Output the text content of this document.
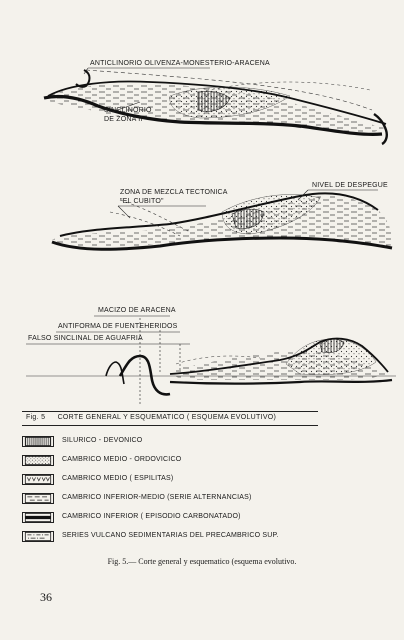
ANTICLINORIO OLIVENZA-MONESTERIO-ARACENA
SINCLINORIO
DE ZONA II
ZONA DE MEZCLA TECTONICA
"EL CUBITO"
NIVEL DE DESPEGUE
MACIZO DE ARACENA
ANTIFORMA DE FUENTEHERIDOS
FALSO SINCLINAL DE AGUAFRIA
Fig. 5 CORTE GENERAL Y ESQUEMATICO ( ESQUEMA EVOLUTIVO)
SILURICO - DEVONICO
CAMBRICO MEDIO - ORDOVICICO
CAMBRICO MEDIO ( ESPILITAS)
CAMBRICO INFERIOR-MEDIO (SERIE ALTERNANCIAS)
CAMBRICO INFERIOR ( EPISODIO CARBONATADO)
SERIES VULCANO SEDIMENTARIAS DEL PRECAMBRICO SUP.
Fig. 5.— Corte general y esquematico (esquema evolutivo.
36
